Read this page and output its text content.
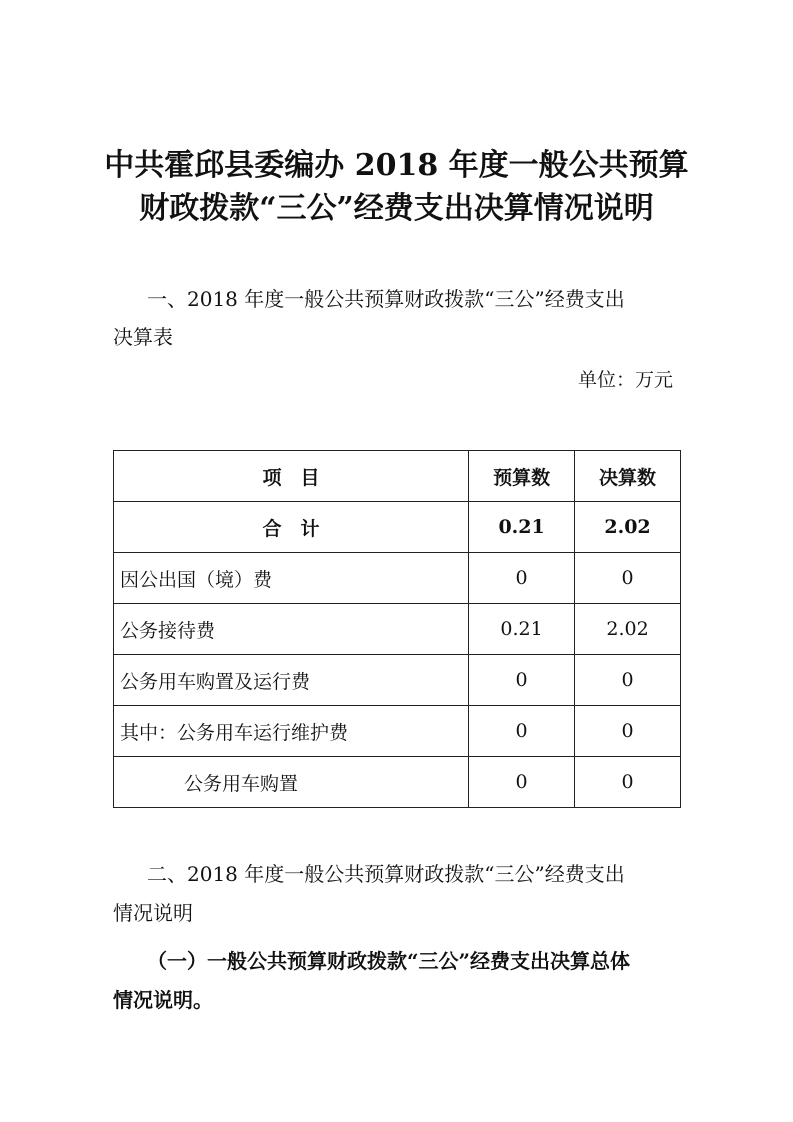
中共霍邱县委编办 2018 年度一般公共预算
财政拨款“三公”经费支出决算情况说明
一、2018 年度一般公共预算财政拨款“三公”经费支出
决算表
单位：万元
项　目	预算数	决算数
合　计	0.21	2.02
因公出国（境）费	0	0
公务接待费	0.21	2.02
公务用车购置及运行费	0	0
其中：公务用车运行维护费	0	0
公务用车购置	0	0
二、2018 年度一般公共预算财政拨款“三公”经费支出
情况说明
（一）一般公共预算财政拨款“三公”经费支出决算总体
情况说明。
